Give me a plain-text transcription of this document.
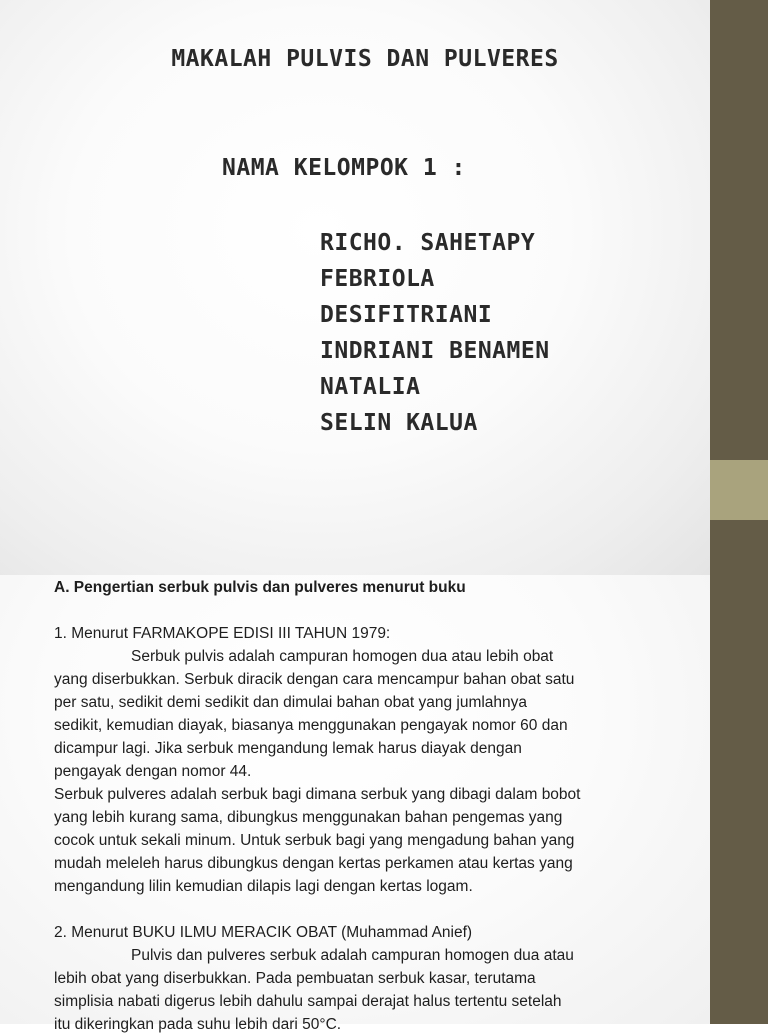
MAKALAH PULVIS DAN PULVERES
NAMA KELOMPOK 1 :
RICHO. SAHETAPY
FEBRIOLA
DESIFITRIANI
INDRIANI BENAMEN
NATALIA
SELIN KALUA
A. Pengertian serbuk pulvis dan pulveres menurut buku
1. Menurut FARMAKOPE EDISI III TAHUN 1979:
Serbuk pulvis adalah campuran homogen dua atau lebih obat
yang diserbukkan. Serbuk diracik dengan cara mencampur bahan obat satu
per satu, sedikit demi sedikit dan dimulai bahan obat yang jumlahnya
sedikit, kemudian diayak, biasanya menggunakan pengayak nomor 60 dan
dicampur lagi. Jika serbuk mengandung lemak harus diayak dengan
pengayak dengan nomor 44.
Serbuk pulveres adalah serbuk bagi dimana serbuk yang dibagi dalam bobot
yang lebih kurang sama, dibungkus menggunakan bahan pengemas yang
cocok untuk sekali minum. Untuk serbuk bagi yang mengadung bahan yang
mudah meleleh harus dibungkus dengan kertas perkamen atau kertas yang
mengandung lilin kemudian dilapis lagi dengan kertas logam.
2. Menurut BUKU ILMU MERACIK OBAT (Muhammad Anief)
Pulvis dan pulveres serbuk adalah campuran homogen dua atau
lebih obat yang diserbukkan. Pada pembuatan serbuk kasar, terutama
simplisia nabati digerus lebih dahulu sampai derajat halus tertentu setelah
itu dikeringkan pada suhu lebih dari 50°C.
